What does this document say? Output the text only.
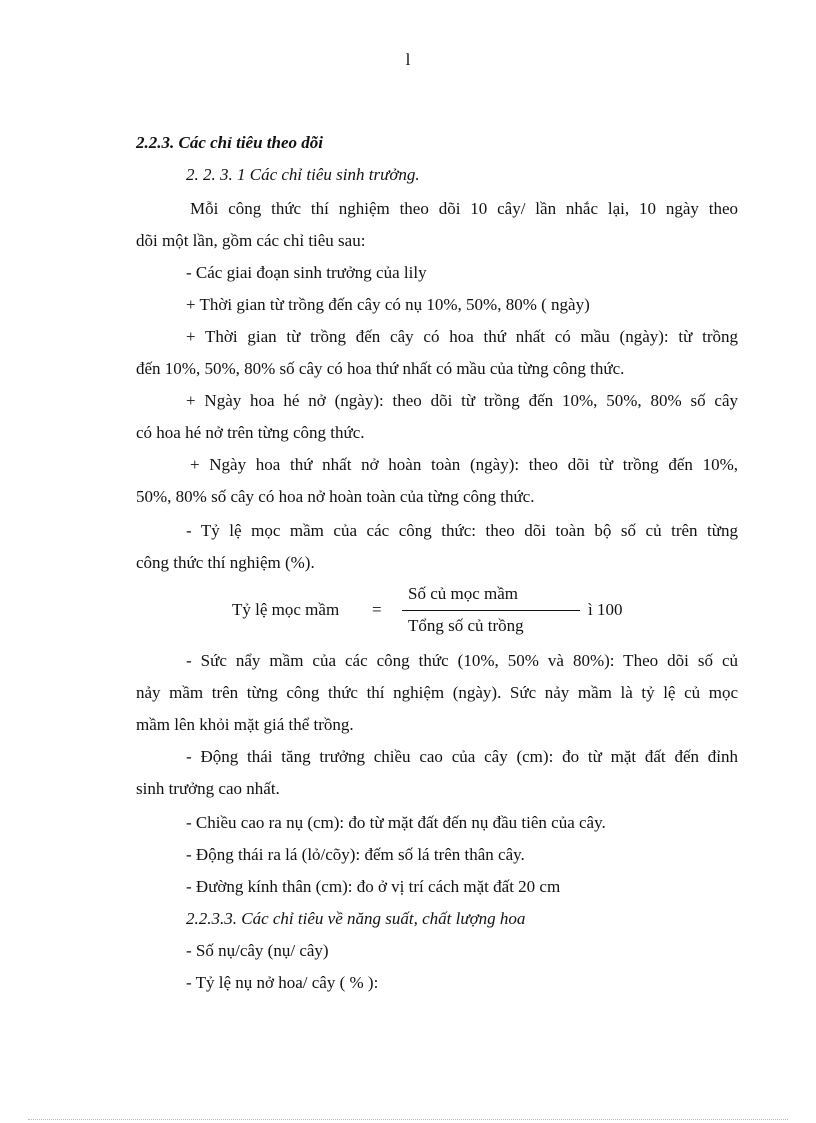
l
2.2.3. Các chỉ tiêu theo dõi
2. 2. 3. 1 Các chỉ tiêu sinh trưởng.
Mỗi công thức thí nghiệm theo dõi 10 cây/ lần nhắc lại, 10 ngày theo
dõi một lần, gồm các chỉ tiêu sau:
- Các giai đoạn sinh trưởng của lily
+ Thời gian từ trồng đến cây có nụ 10%, 50%, 80% ( ngày)
+ Thời gian từ trồng đến cây có hoa thứ nhất có mầu (ngày): từ trồng
đến 10%, 50%, 80% số cây có hoa thứ nhất có mầu của từng công thức.
+ Ngày hoa hé nở (ngày): theo dõi từ trồng đến 10%, 50%, 80% số cây
có hoa hé nở trên từng công thức.
+ Ngày hoa thứ nhất nở hoàn toàn (ngày): theo dõi từ trồng đến 10%,
50%, 80% số cây có hoa nở hoàn toàn của từng công thức.
- Tỷ lệ mọc mầm của các công thức: theo dõi toàn bộ số củ trên từng
công thức thí nghiệm (%).
Tỷ lệ mọc mầm =
Số củ mọc mầm
Tổng số củ trồng
ì 100
- Sức nẩy mầm của các công thức (10%, 50% và 80%): Theo dõi số củ
nảy mầm trên từng công thức thí nghiệm (ngày). Sức nảy mầm là tỷ lệ củ mọc
mầm lên khỏi mặt giá thể trồng.
- Động thái tăng trưởng chiều cao của cây (cm): đo từ mặt đất đến đỉnh
sinh trưởng cao nhất.
- Chiều cao ra nụ (cm): đo từ mặt đất đến nụ đầu tiên của cây.
- Động thái ra lá (lỏ/cõy): đếm số lá trên thân cây.
- Đường kính thân (cm): đo ở vị trí cách mặt đất 20 cm
2.2.3.3. Các chỉ tiêu về năng suất, chất lượng hoa
- Số nụ/cây (nụ/ cây)
- Tỷ lệ nụ nở hoa/ cây ( % ):
